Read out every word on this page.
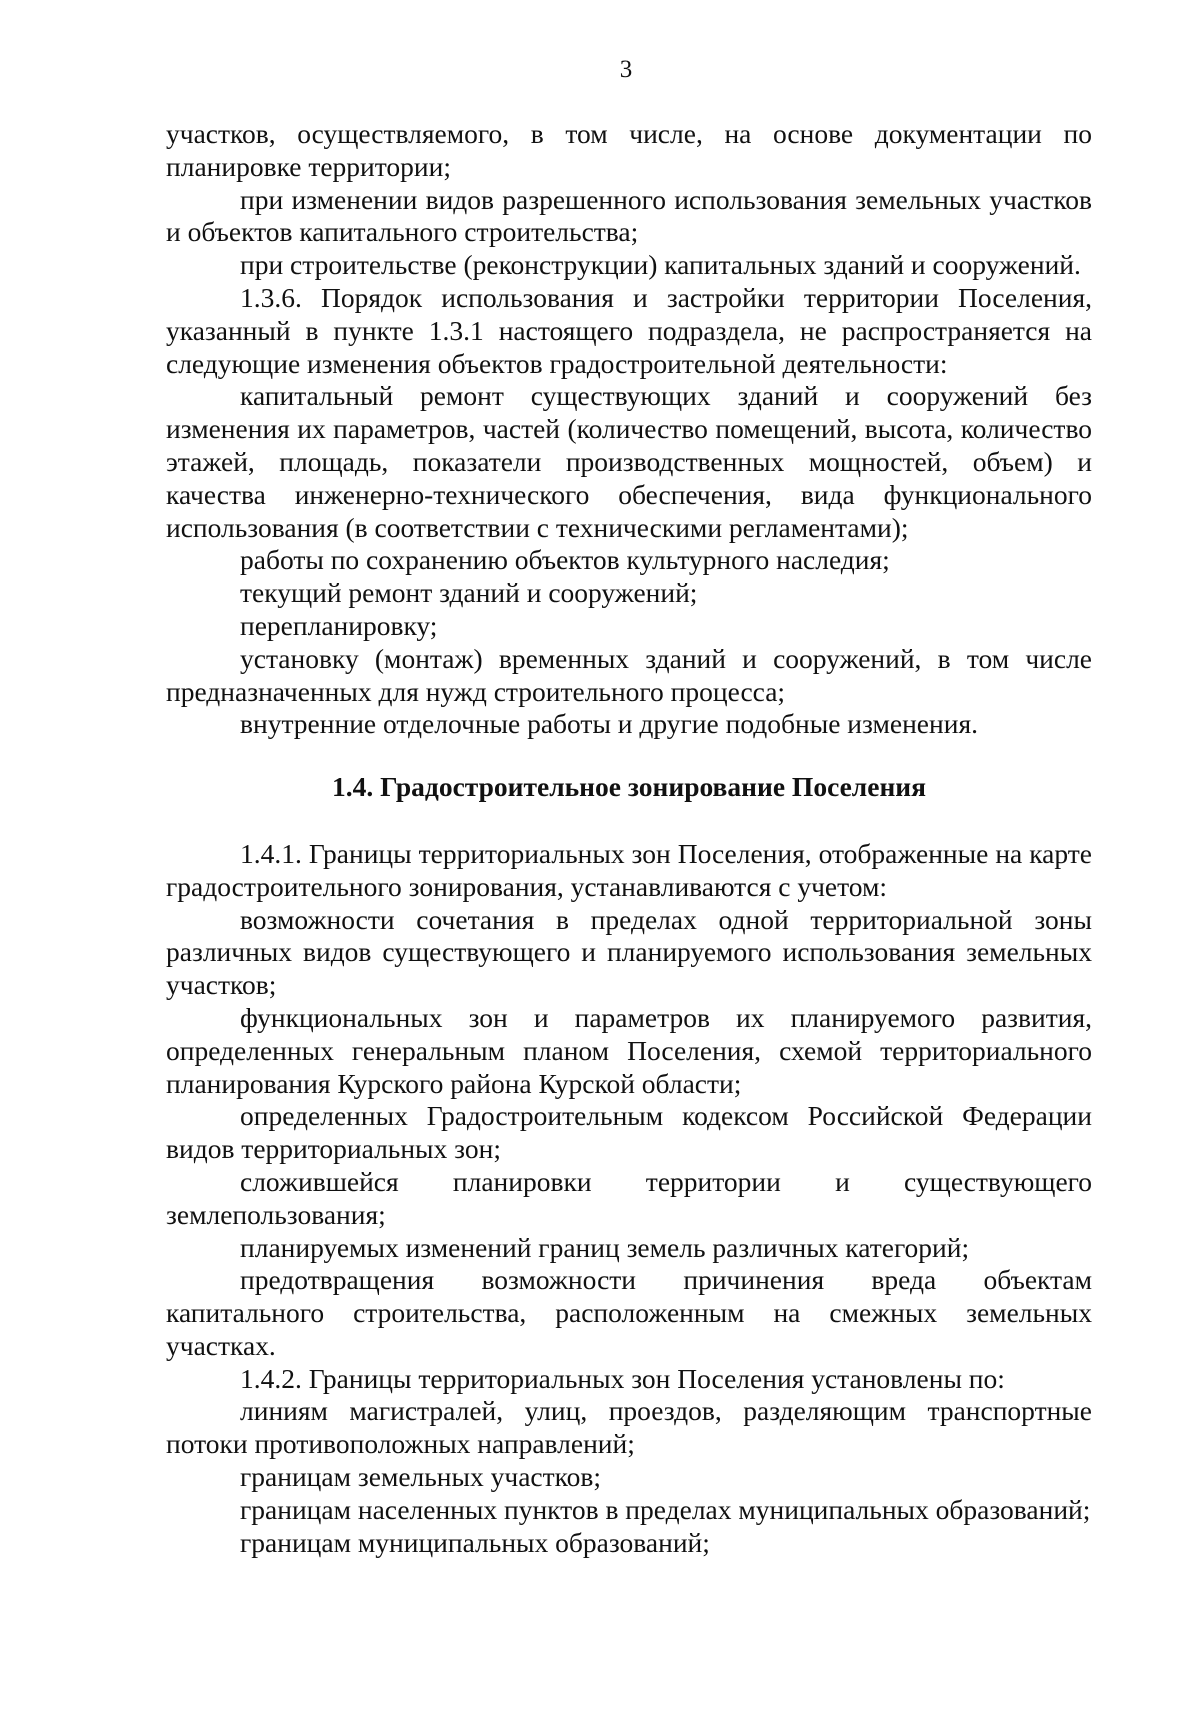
3

участков, осуществляемого, в том числе, на основе документации по планировке территории;

при изменении видов разрешенного использования земельных участков и объектов капитального строительства;

при строительстве (реконструкции) капитальных зданий и сооружений.

1.3.6. Порядок использования и застройки территории Поселения, указанный в пункте 1.3.1 настоящего подраздела, не распространяется на следующие изменения объектов градостроительной деятельности:

капитальный ремонт существующих зданий и сооружений без изменения их параметров, частей (количество помещений, высота, количество этажей, площадь, показатели производственных мощностей, объем) и качества инженерно-технического обеспечения, вида функционального использования (в соответствии с техническими регламентами);

работы по сохранению объектов культурного наследия;

текущий ремонт зданий и сооружений;

перепланировку;

установку (монтаж) временных зданий и сооружений, в том числе предназначенных для нужд строительного процесса;

внутренние отделочные работы и другие подобные изменения.

1.4. Градостроительное зонирование Поселения

1.4.1. Границы территориальных зон Поселения, отображенные на карте градостроительного зонирования, устанавливаются с учетом:

возможности сочетания в пределах одной территориальной зоны различных видов существующего и планируемого использования земельных участков;

функциональных зон и параметров их планируемого развития, определенных генеральным планом Поселения, схемой территориального планирования Курского района Курской области;

определенных Градостроительным кодексом Российской Федерации видов территориальных зон;

сложившейся планировки территории и существующего землепользования;

планируемых изменений границ земель различных категорий;

предотвращения возможности причинения вреда объектам капитального строительства, расположенным на смежных земельных участках.

1.4.2. Границы территориальных зон Поселения установлены по:

линиям магистралей, улиц, проездов, разделяющим транспортные потоки противоположных направлений;

границам земельных участков;

границам населенных пунктов в пределах муниципальных образований;

границам муниципальных образований;
